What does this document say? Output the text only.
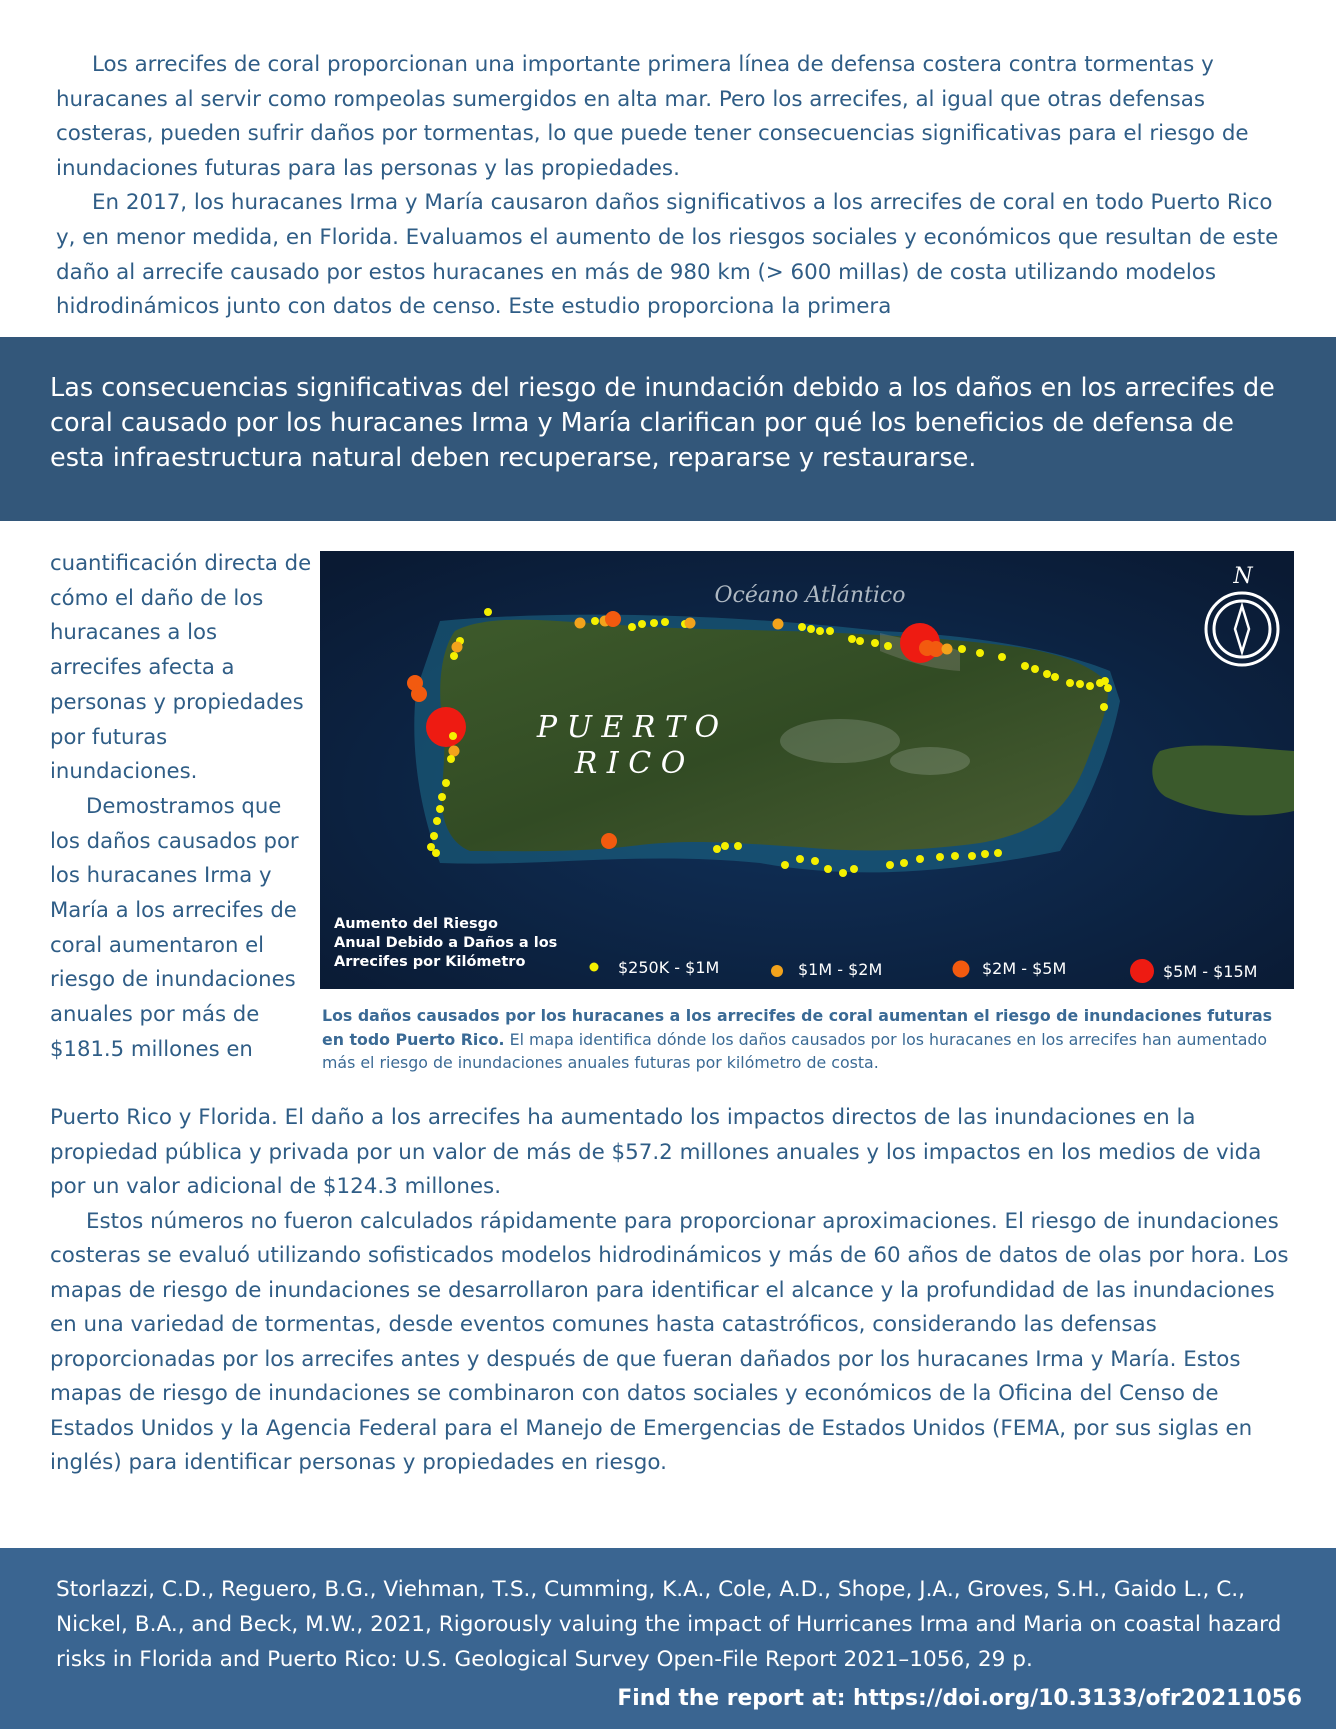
Los arrecifes de coral proporcionan una importante primera línea de defensa costera contra tormentas y huracanes al servir como rompeolas sumergidos en alta mar. Pero los arrecifes, al igual que otras defensas costeras, pueden sufrir daños por tormentas, lo que puede tener consecuencias significativas para el riesgo de inundaciones futuras para las personas y las propiedades.

En 2017, los huracanes Irma y María causaron daños significativos a los arrecifes de coral en todo Puerto Rico y, en menor medida, en Florida. Evaluamos el aumento de los riesgos sociales y económicos que resultan de este daño al arrecife causado por estos huracanes en más de 980 km (> 600 millas) de costa utilizando modelos hidrodinámicos junto con datos de censo. Este estudio proporciona la primera

Las consecuencias significativas del riesgo de inundación debido a los daños en los arrecifes de coral causado por los huracanes Irma y María clarifican por qué los beneficios de defensa de esta infraestructura natural deben recuperarse, repararse y restaurarse.

cuantificación directa de cómo el daño de los huracanes a los arrecifes afecta a personas y propiedades por futuras inundaciones.

Demostramos que los daños causados por los huracanes Irma y María a los arrecifes de coral aumentaron el riesgo de inundaciones anuales por más de $181.5 millones en

Océano Atlántico
P U E R T O
R I C O
N
Aumento del Riesgo
Anual Debido a Daños a los
Arrecifes por Kilómetro	$250K - $1M	$1M - $2M	$2M - $5M	$5M - $15M
Los daños causados por los huracanes a los arrecifes de coral aumentan el riesgo de inundaciones futuras en todo Puerto Rico. El mapa identifica dónde los daños causados por los huracanes en los arrecifes han aumentado más el riesgo de inundaciones anuales futuras por kilómetro de costa.

Puerto Rico y Florida. El daño a los arrecifes ha aumentado los impactos directos de las inundaciones en la propiedad pública y privada por un valor de más de $57.2 millones anuales y los impactos en los medios de vida por un valor adicional de $124.3 millones.

Estos números no fueron calculados rápidamente para proporcionar aproximaciones. El riesgo de inundaciones costeras se evaluó utilizando sofisticados modelos hidrodinámicos y más de 60 años de datos de olas por hora. Los mapas de riesgo de inundaciones se desarrollaron para identificar el alcance y la profundidad de las inundaciones en una variedad de tormentas, desde eventos comunes hasta catastróficos, considerando las defensas proporcionadas por los arrecifes antes y después de que fueran dañados por los huracanes Irma y María. Estos mapas de riesgo de inundaciones se combinaron con datos sociales y económicos de la Oficina del Censo de Estados Unidos y la Agencia Federal para el Manejo de Emergencias de Estados Unidos (FEMA, por sus siglas en inglés) para identificar personas y propiedades en riesgo.

Storlazzi, C.D., Reguero, B.G., Viehman, T.S., Cumming, K.A., Cole, A.D., Shope, J.A., Groves, S.H., Gaido L., C., Nickel, B.A., and Beck, M.W., 2021, Rigorously valuing the impact of Hurricanes Irma and Maria on coastal hazard risks in Florida and Puerto Rico: U.S. Geological Survey Open-File Report 2021–1056, 29 p.

Find the report at: https://doi.org/10.3133/ofr20211056
